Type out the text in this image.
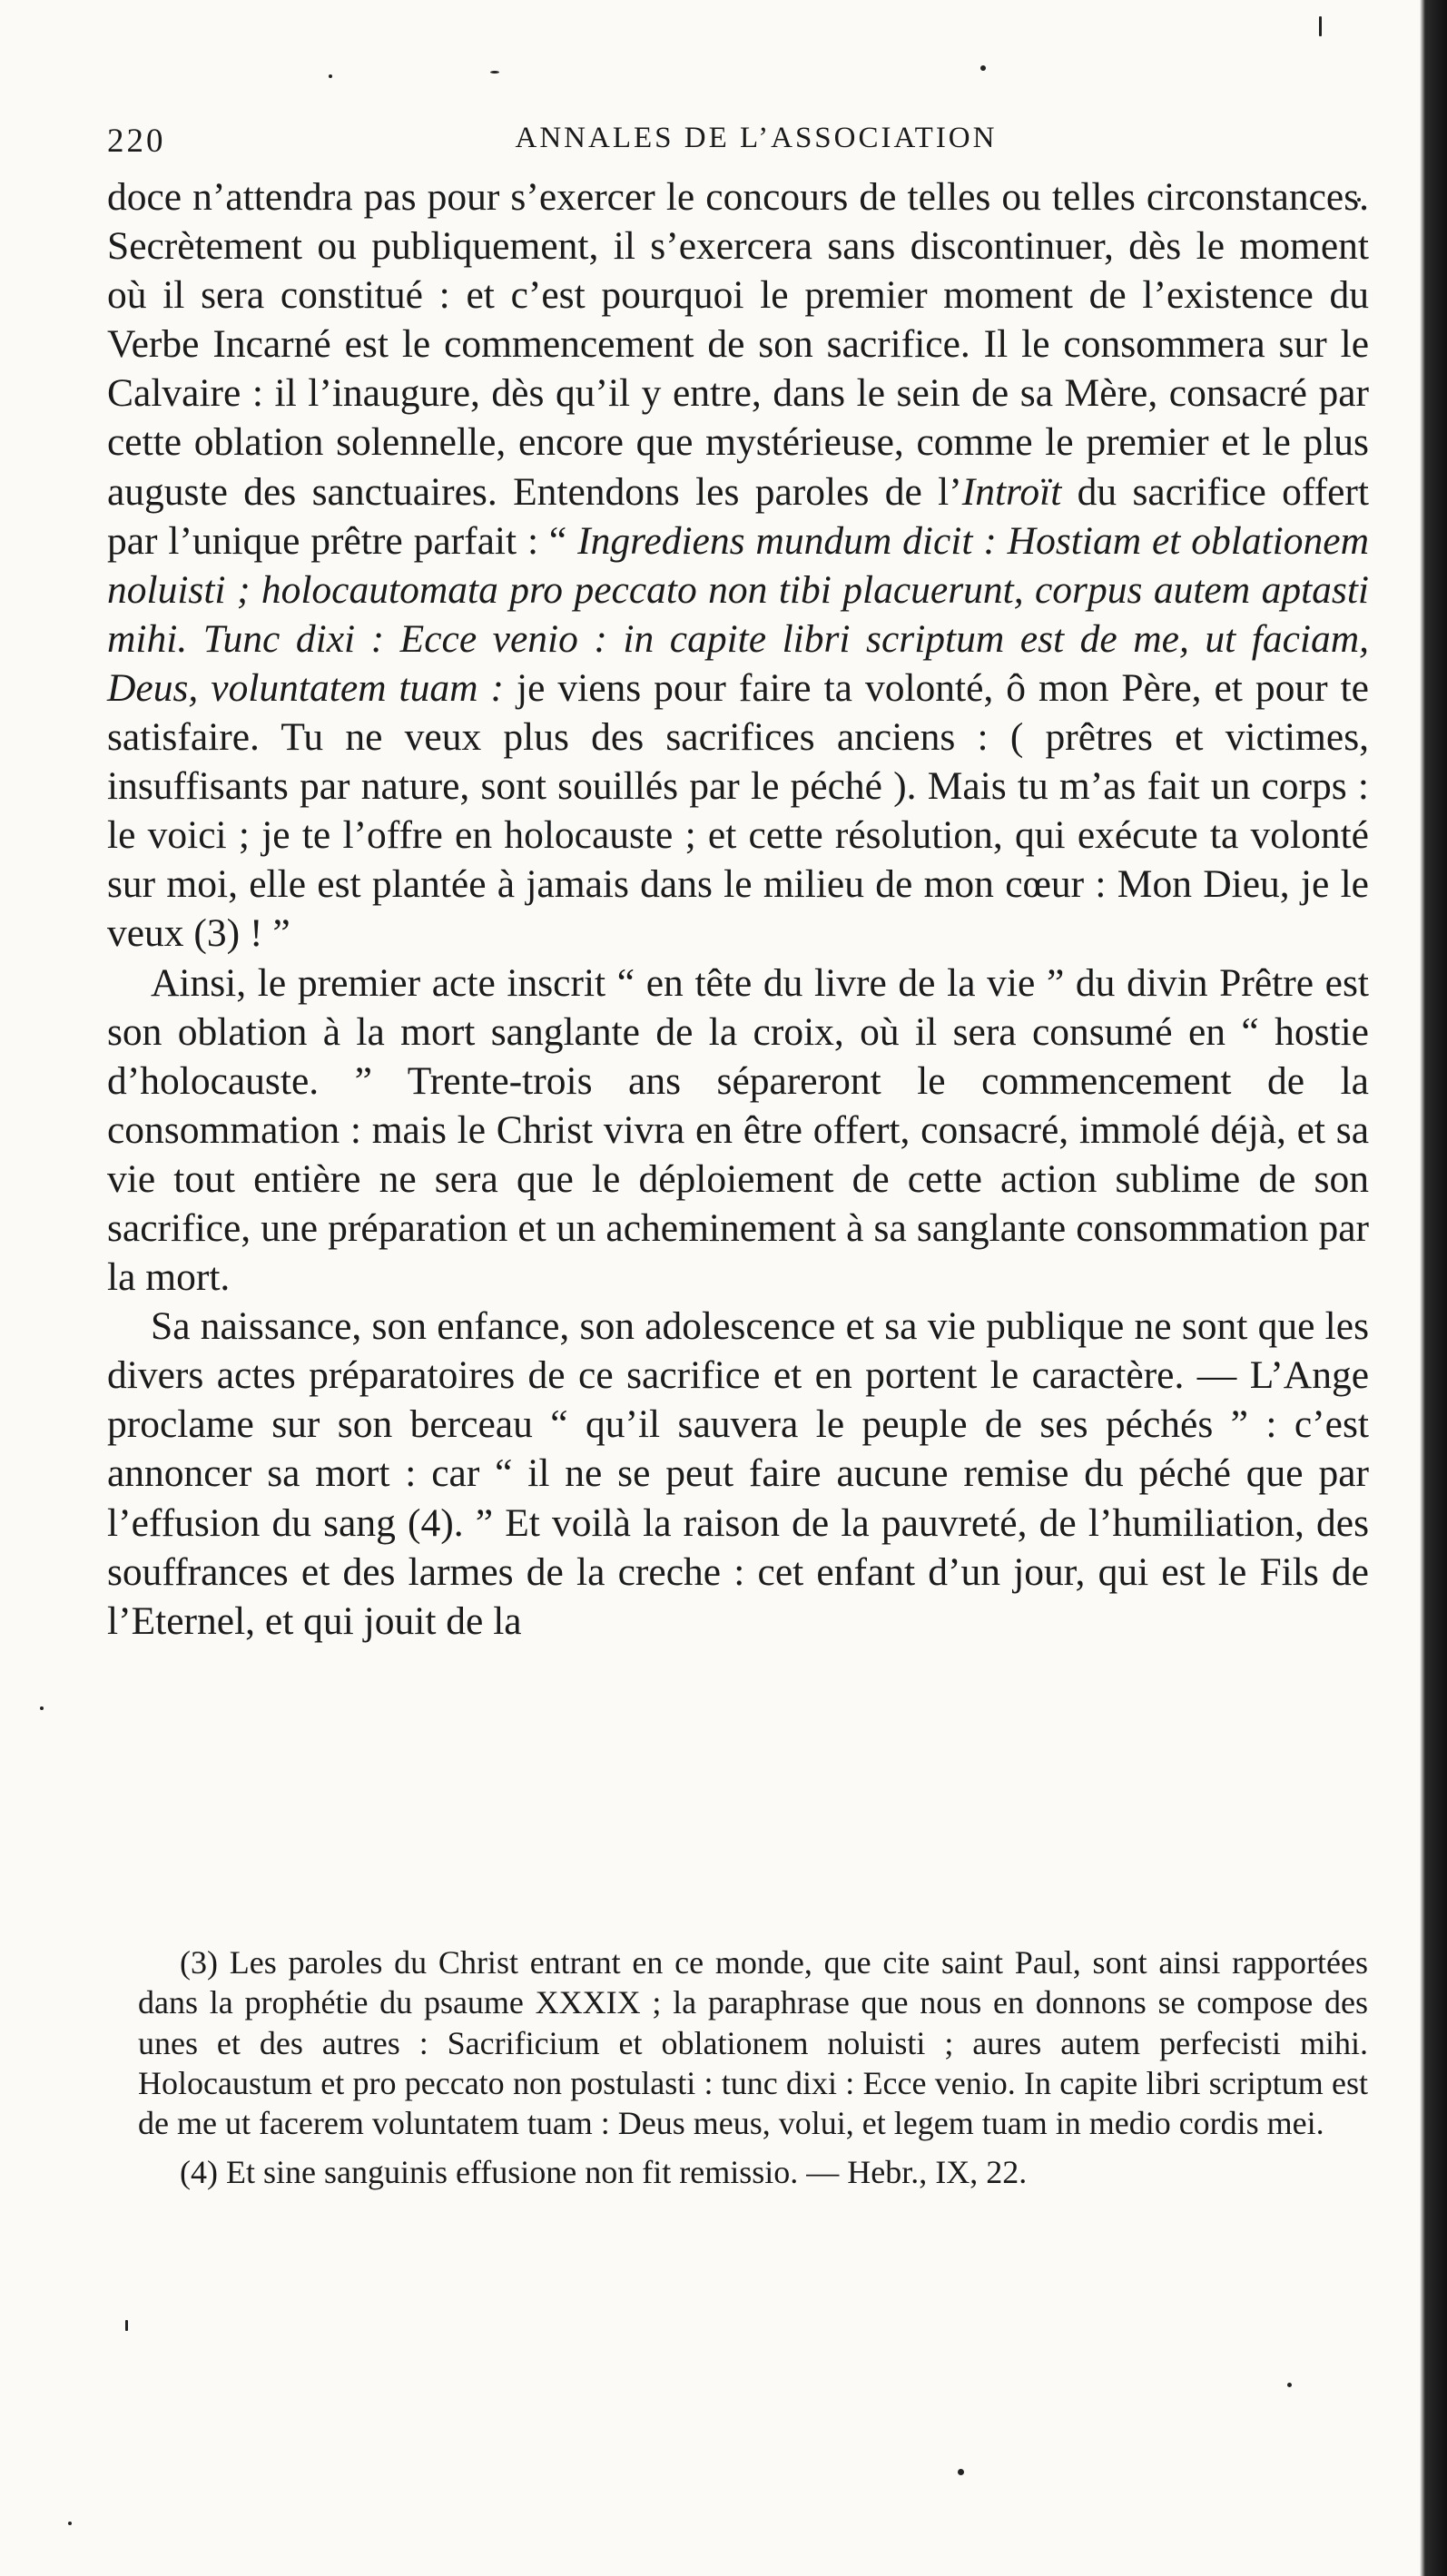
220	ANNALES DE L’ASSOCIATION

doce n’attendra pas pour s’exercer le concours de telles ou telles circonstances. Secrètement ou publiquement, il s’exercera sans discontinuer, dès le moment où il sera constitué : et c’est pourquoi le premier moment de l’existence du Verbe Incarné est le commencement de son sacrifice. Il le consommera sur le Calvaire : il l’inaugure, dès qu’il y entre, dans le sein de sa Mère, consacré par cette oblation solennelle, encore que mystérieuse, comme le premier et le plus auguste des sanctuaires. Entendons les paroles de l’Introït du sacrifice offert par l’unique prêtre parfait : “ Ingrediens mundum dicit : Hostiam et oblationem noluisti ; holocautomata pro peccato non tibi placuerunt, corpus autem aptasti mihi. Tunc dixi : Ecce venio : in capite libri scriptum est de me, ut faciam, Deus, voluntatem tuam : je viens pour faire ta volonté, ô mon Père, et pour te satisfaire. Tu ne veux plus des sacrifices anciens : ( prêtres et victimes, insuffisants par nature, sont souillés par le péché ). Mais tu m’as fait un corps : le voici ; je te l’offre en holocauste ; et cette résolution, qui exécute ta volonté sur moi, elle est plantée à jamais dans le milieu de mon cœur : Mon Dieu, je le veux (3) ! ”

Ainsi, le premier acte inscrit “ en tête du livre de la vie ” du divin Prêtre est son oblation à la mort sanglante de la croix, où il sera consumé en “ hostie d’holocauste. ” Trente-trois ans sépareront le commencement de la consommation : mais le Christ vivra en être offert, consacré, immolé déjà, et sa vie tout entière ne sera que le déploiement de cette action sublime de son sacrifice, une préparation et un acheminement à sa sanglante consommation par la mort.

Sa naissance, son enfance, son adolescence et sa vie publique ne sont que les divers actes préparatoires de ce sacrifice et en portent le caractère. — L’Ange proclame sur son berceau “ qu’il sauvera le peuple de ses péchés ” : c’est annoncer sa mort : car “ il ne se peut faire aucune remise du péché que par l’effusion du sang (4). ” Et voilà la raison de la pauvreté, de l’humiliation, des souffrances et des larmes de la creche : cet enfant d’un jour, qui est le Fils de l’Eternel, et qui jouit de la

(3) Les paroles du Christ entrant en ce monde, que cite saint Paul, sont ainsi rapportées dans la prophétie du psaume XXXIX ; la paraphrase que nous en donnons se compose des unes et des autres : Sacrificium et oblationem noluisti ; aures autem perfecisti mihi. Holocaustum et pro peccato non postulasti : tunc dixi : Ecce venio. In capite libri scriptum est de me ut facerem voluntatem tuam : Deus meus, volui, et legem tuam in medio cordis mei.

(4) Et sine sanguinis effusione non fit remissio. — Hebr., IX, 22.
